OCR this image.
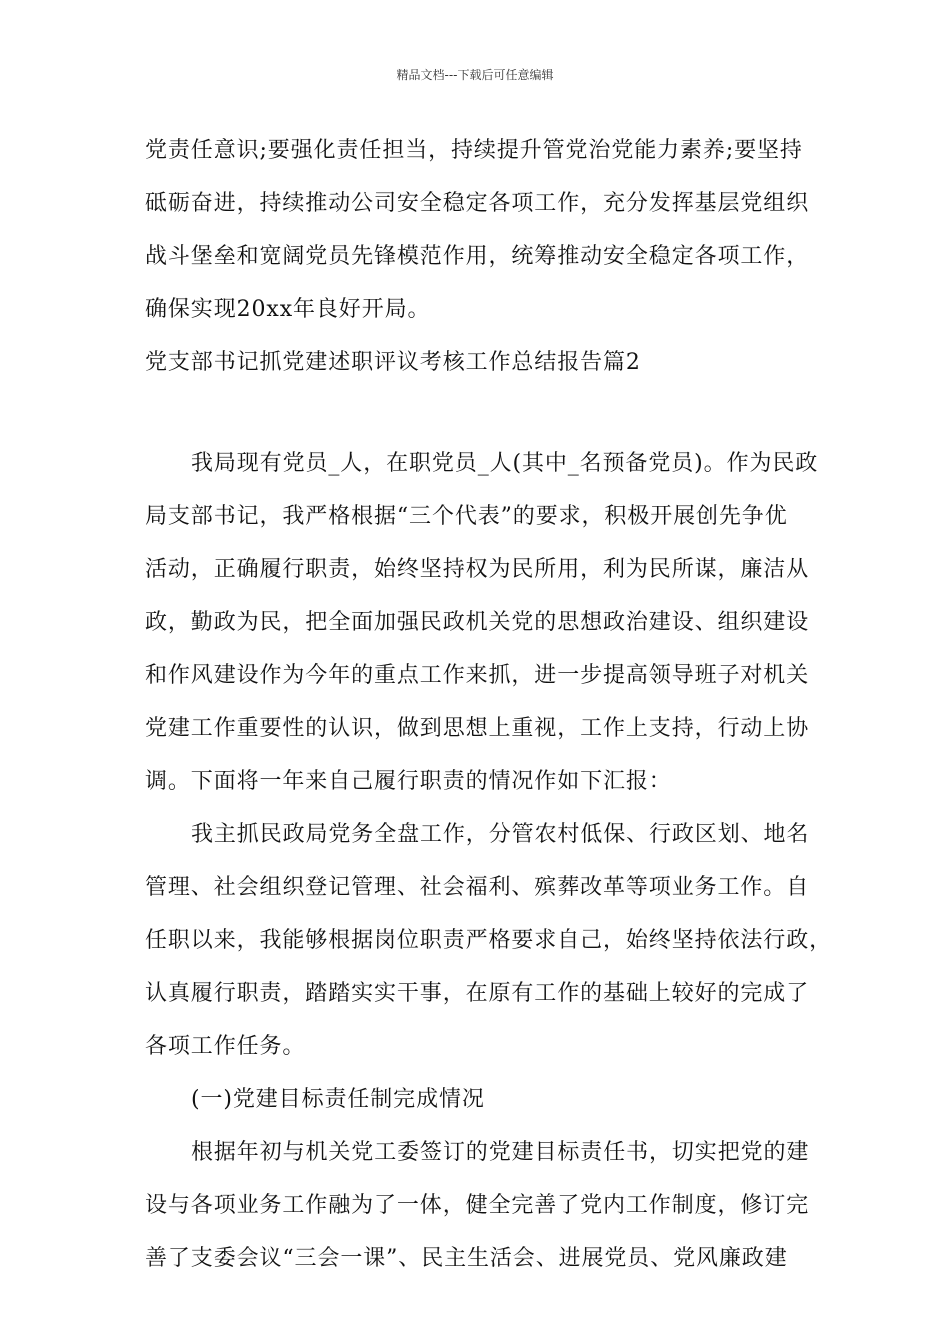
精品文档---下载后可任意编辑
党责任意识;要强化责任担当，持续提升管党治党能力素养;要坚持
砥砺奋进，持续推动公司安全稳定各项工作，充分发挥基层党组织
战斗堡垒和宽阔党员先锋模范作用，统筹推动安全稳定各项工作，
确保实现20xx年良好开局。
党支部书记抓党建述职评议考核工作总结报告篇2
我局现有党员_人，在职党员_人(其中_名预备党员)。作为民政
局支部书记，我严格根据“三个代表”的要求，积极开展创先争优
活动，正确履行职责，始终坚持权为民所用，利为民所谋，廉洁从
政，勤政为民，把全面加强民政机关党的思想政治建设、组织建设
和作风建设作为今年的重点工作来抓，进一步提高领导班子对机关
党建工作重要性的认识，做到思想上重视，工作上支持，行动上协
调。下面将一年来自己履行职责的情况作如下汇报：
我主抓民政局党务全盘工作，分管农村低保、行政区划、地名
管理、社会组织登记管理、社会福利、殡葬改革等项业务工作。自
任职以来，我能够根据岗位职责严格要求自己，始终坚持依法行政，
认真履行职责，踏踏实实干事，在原有工作的基础上较好的完成了
各项工作任务。
(一)党建目标责任制完成情况
根据年初与机关党工委签订的党建目标责任书，切实把党的建
设与各项业务工作融为了一体，健全完善了党内工作制度，修订完
善了支委会议“三会一课”、民主生活会、进展党员、党风廉政建
